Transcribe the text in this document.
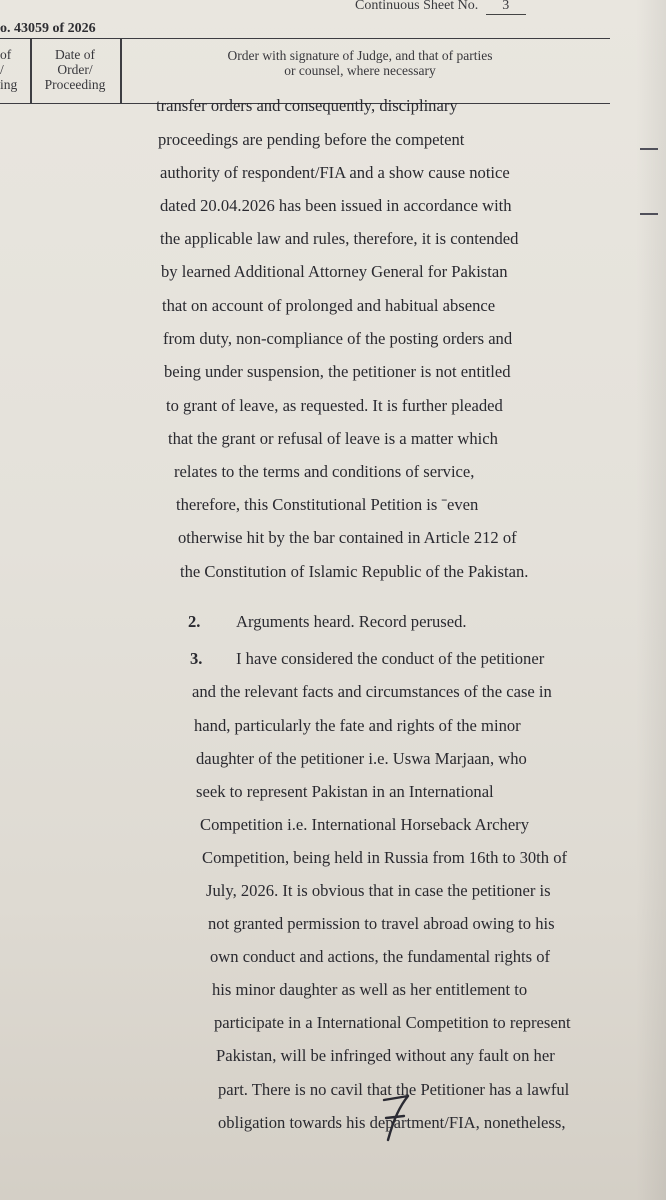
Continuous Sheet No. 3
o. 43059 of 2026
of
/
ing
Date of
Order/
Proceeding
Order with signature of Judge, and that of parties
or counsel, where necessary
transfer orders and consequently, disciplinary
proceedings are pending before the competent
authority of respondent/FIA and a show cause notice
dated 20.04.2026 has been issued in accordance with
the applicable law and rules, therefore, it is contended
by learned Additional Attorney General for Pakistan
that on account of prolonged and habitual absence
from duty, non-compliance of the posting orders and
being under suspension, the petitioner is not entitled
to grant of leave, as requested. It is further pleaded
that the grant or refusal of leave is a matter which
relates to the terms and conditions of service,
therefore, this Constitutional Petition is ˉeven
otherwise hit by the bar contained in Article 212 of
the Constitution of Islamic Republic of the Pakistan.
2. Arguments heard. Record perused.
3. I have considered the conduct of the petitioner
and the relevant facts and circumstances of the case in
hand, particularly the fate and rights of the minor
daughter of the petitioner i.e. Uswa Marjaan, who
seek to represent Pakistan in an International
Competition i.e. International Horseback Archery
Competition, being held in Russia from 16th to 30th of
July, 2026. It is obvious that in case the petitioner is
not granted permission to travel abroad owing to his
own conduct and actions, the fundamental rights of
his minor daughter as well as her entitlement to
participate in a International Competition to represent
Pakistan, will be infringed without any fault on her
part. There is no cavil that the Petitioner has a lawful
obligation towards his department/FIA, nonetheless,
